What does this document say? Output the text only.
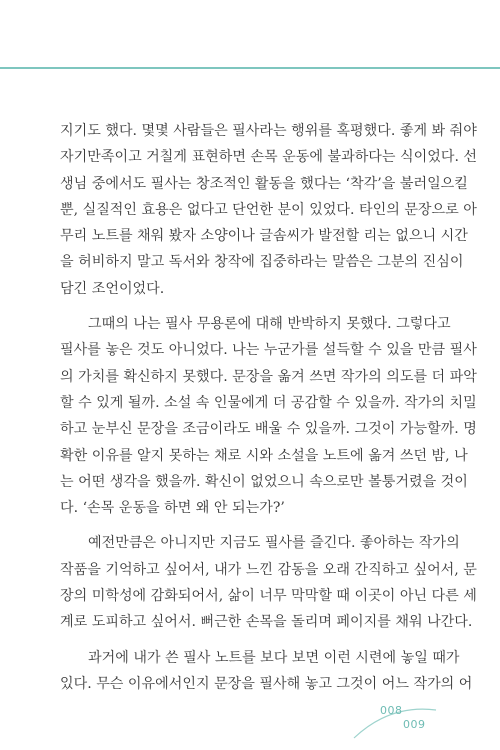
지기도 했다. 몇몇 사람들은 필사라는 행위를 혹평했다. 좋게 봐 줘야
자기만족이고 거칠게 표현하면 손목 운동에 불과하다는 식이었다. 선
생님 중에서도 필사는 창조적인 활동을 했다는 ‘착각’을 불러일으킬
뿐, 실질적인 효용은 없다고 단언한 분이 있었다. 타인의 문장으로 아
무리 노트를 채워 봤자 소양이나 글솜씨가 발전할 리는 없으니 시간
을 허비하지 말고 독서와 창작에 집중하라는 말씀은 그분의 진심이
담긴 조언이었다.

그때의 나는 필사 무용론에 대해 반박하지 못했다. 그렇다고
필사를 놓은 것도 아니었다. 나는 누군가를 설득할 수 있을 만큼 필사
의 가치를 확신하지 못했다. 문장을 옮겨 쓰면 작가의 의도를 더 파악
할 수 있게 될까. 소설 속 인물에게 더 공감할 수 있을까. 작가의 치밀
하고 눈부신 문장을 조금이라도 배울 수 있을까. 그것이 가능할까. 명
확한 이유를 알지 못하는 채로 시와 소설을 노트에 옮겨 쓰던 밤, 나
는 어떤 생각을 했을까. 확신이 없었으니 속으로만 볼퉁거렸을 것이
다. ‘손목 운동을 하면 왜 안 되는가?’

예전만큼은 아니지만 지금도 필사를 즐긴다. 좋아하는 작가의
작품을 기억하고 싶어서, 내가 느낀 감동을 오래 간직하고 싶어서, 문
장의 미학성에 감화되어서, 삶이 너무 막막할 때 이곳이 아닌 다른 세
계로 도피하고 싶어서. 뻐근한 손목을 돌리며 페이지를 채워 나간다.

과거에 내가 쓴 필사 노트를 보다 보면 이런 시련에 놓일 때가
있다. 무슨 이유에서인지 문장을 필사해 놓고 그것이 어느 작가의 어

008
009
